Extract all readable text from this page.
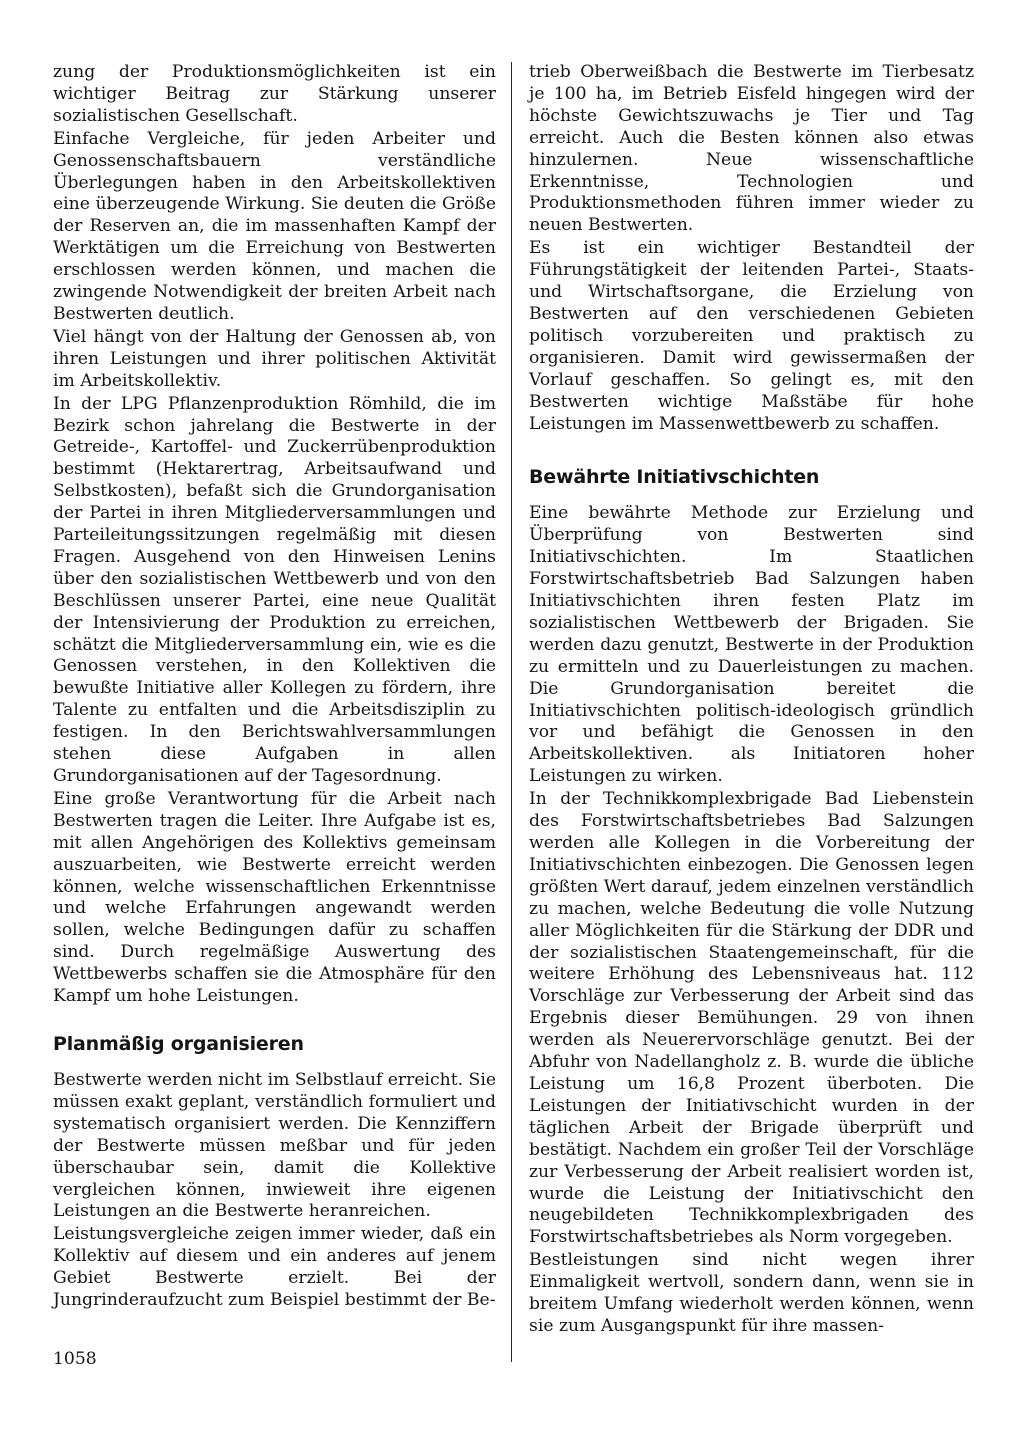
zung der Produktionsmöglichkeiten ist ein wichtiger Beitrag zur Stärkung unserer sozialistischen Gesellschaft.

Einfache Vergleiche, für jeden Arbeiter und Genossenschaftsbauern verständliche Überlegungen haben in den Arbeitskollektiven eine überzeugende Wirkung. Sie deuten die Größe der Reserven an, die im massenhaften Kampf der Werktätigen um die Erreichung von Bestwerten erschlossen werden können, und machen die zwingende Notwendigkeit der breiten Arbeit nach Bestwerten deutlich.

Viel hängt von der Haltung der Genossen ab, von ihren Leistungen und ihrer politischen Aktivität im Arbeitskollektiv.

In der LPG Pflanzenproduktion Römhild, die im Bezirk schon jahrelang die Bestwerte in der Getreide-, Kartoffel- und Zuckerrübenproduktion bestimmt (Hektarertrag, Arbeitsaufwand und Selbstkosten), befaßt sich die Grundorganisation der Partei in ihren Mitgliederversammlungen und Parteileitungssitzungen regelmäßig mit diesen Fragen. Ausgehend von den Hinweisen Lenins über den sozialistischen Wettbewerb und von den Beschlüssen unserer Partei, eine neue Qualität der Intensivierung der Produktion zu erreichen, schätzt die Mitgliederversammlung ein, wie es die Genossen verstehen, in den Kollektiven die bewußte Initiative aller Kollegen zu fördern, ihre Talente zu entfalten und die Arbeitsdisziplin zu festigen. In den Berichtswahlversammlungen stehen diese Aufgaben in allen Grundorganisationen auf der Tagesordnung.

Eine große Verantwortung für die Arbeit nach Bestwerten tragen die Leiter. Ihre Aufgabe ist es, mit allen Angehörigen des Kollektivs gemeinsam auszuarbeiten, wie Bestwerte erreicht werden können, welche wissenschaftlichen Erkenntnisse und welche Erfahrungen angewandt werden sollen, welche Bedingungen dafür zu schaffen sind. Durch regelmäßige Auswertung des Wettbewerbs schaffen sie die Atmosphäre für den Kampf um hohe Leistungen.

Planmäßig organisieren

Bestwerte werden nicht im Selbstlauf erreicht. Sie müssen exakt geplant, verständlich formuliert und systematisch organisiert werden. Die Kennziffern der Bestwerte müssen meßbar und für jeden überschaubar sein, damit die Kollektive vergleichen können, inwieweit ihre eigenen Leistungen an die Bestwerte heranreichen.

Leistungsvergleiche zeigen immer wieder, daß ein Kollektiv auf diesem und ein anderes auf jenem Gebiet Bestwerte erzielt. Bei der Jungrinderaufzucht zum Beispiel bestimmt der Be-

trieb Oberweißbach die Bestwerte im Tierbesatz je 100 ha, im Betrieb Eisfeld hingegen wird der höchste Gewichtszuwachs je Tier und Tag erreicht. Auch die Besten können also etwas hinzulernen. Neue wissenschaftliche Erkenntnisse, Technologien und Produktionsmethoden führen immer wieder zu neuen Bestwerten.

Es ist ein wichtiger Bestandteil der Führungstätigkeit der leitenden Partei-, Staats- und Wirtschaftsorgane, die Erzielung von Bestwerten auf den verschiedenen Gebieten politisch vorzubereiten und praktisch zu organisieren. Damit wird gewissermaßen der Vorlauf geschaffen. So gelingt es, mit den Bestwerten wichtige Maßstäbe für hohe Leistungen im Massenwettbewerb zu schaffen.

Bewährte Initiativschichten

Eine bewährte Methode zur Erzielung und Überprüfung von Bestwerten sind Initiativschichten. Im Staatlichen Forstwirtschaftsbetrieb Bad Salzungen haben Initiativschichten ihren festen Platz im sozialistischen Wettbewerb der Brigaden. Sie werden dazu genutzt, Bestwerte in der Produktion zu ermitteln und zu Dauerleistungen zu machen. Die Grundorganisation bereitet die Initiativschichten politisch-ideologisch gründlich vor und befähigt die Genossen in den Arbeitskollektiven. als Initiatoren hoher Leistungen zu wirken.

In der Technikkomplexbrigade Bad Liebenstein des Forstwirtschaftsbetriebes Bad Salzungen werden alle Kollegen in die Vorbereitung der Initiativschichten einbezogen. Die Genossen legen größten Wert darauf, jedem einzelnen verständlich zu machen, welche Bedeutung die volle Nutzung aller Möglichkeiten für die Stärkung der DDR und der sozialistischen Staatengemeinschaft, für die weitere Erhöhung des Lebensniveaus hat. 112 Vorschläge zur Verbesserung der Arbeit sind das Ergebnis dieser Bemühungen. 29 von ihnen werden als Neuerervorschläge genutzt. Bei der Abfuhr von Nadellangholz z. B. wurde die übliche Leistung um 16,8 Prozent überboten. Die Leistungen der Initiativschicht wurden in der täglichen Arbeit der Brigade überprüft und bestätigt. Nachdem ein großer Teil der Vorschläge zur Verbesserung der Arbeit realisiert worden ist, wurde die Leistung der Initiativschicht den neugebildeten Technikkomplexbrigaden des Forstwirtschaftsbetriebes als Norm vorgegeben.

Bestleistungen sind nicht wegen ihrer Einmaligkeit wertvoll, sondern dann, wenn sie in breitem Umfang wiederholt werden können, wenn sie zum Ausgangspunkt für ihre massen-

1058
